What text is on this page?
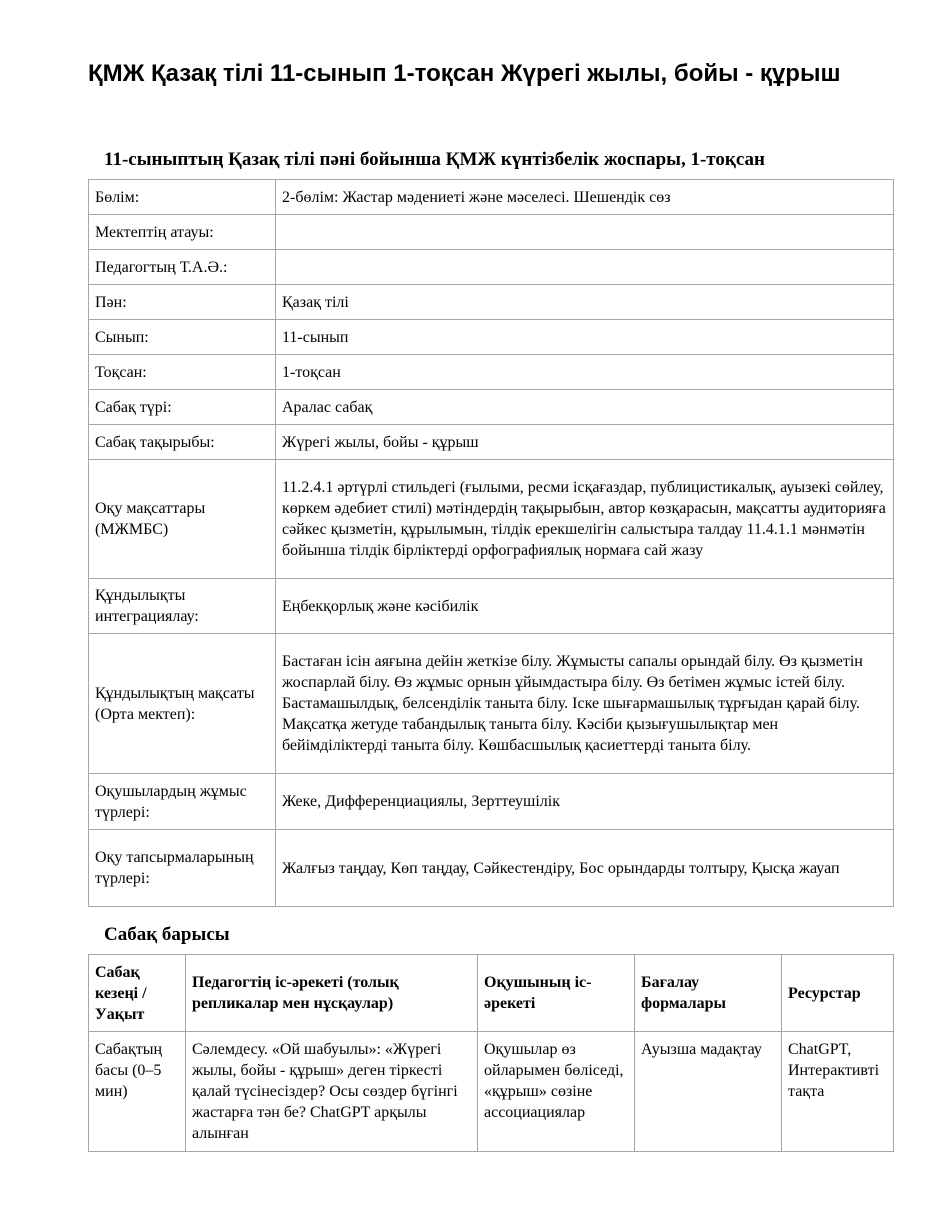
ҚМЖ Қазақ тілі 11-сынып 1-тоқсан Жүрегі жылы, бойы - құрыш
11-сыныптың Қазақ тілі пәні бойынша ҚМЖ күнтізбелік жоспары, 1-тоқсан
Бөлім:	2-бөлім: Жастар мәдениеті және мәселесі. Шешендік сөз
Мектептің атауы:	
Педагогтың Т.А.Ә.:	
Пән:	Қазақ тілі
Сынып:	11-сынып
Тоқсан:	1-тоқсан
Сабақ түрі:	Аралас сабақ
Сабақ тақырыбы:	Жүрегі жылы, бойы - құрыш
Оқу мақсаттары (МЖМБС)	11.2.4.1 әртүрлі стильдегі (ғылыми, ресми ісқағаздар, публицистикалық, ауызекі сөйлеу, көркем әдебиет стилі) мәтіндердің тақырыбын, автор көзқарасын, мақсатты аудиторияға сәйкес қызметін, құрылымын, тілдік ерекшелігін салыстыра талдау 11.4.1.1 мәнмәтін бойынша тілдік бірліктерді орфографиялық нормаға сай жазу
Құндылықты интеграциялау:	Еңбекқорлық және кәсібилік
Құндылықтың мақсаты (Орта мектеп):	Бастаған ісін аяғына дейін жеткізе білу. Жұмысты сапалы орындай білу. Өз қызметін жоспарлай білу. Өз жұмыс орнын ұйымдастыра білу. Өз бетімен жұмыс істей білу. Бастамашылдық, белсенділік таныта білу. Іске шығармашылық тұрғыдан қарай білу. Мақсатқа жетуде табандылық таныта білу. Кәсіби қызығушылықтар мен бейімділіктерді таныта білу. Көшбасшылық қасиеттерді таныта білу.
Оқушылардың жұмыс түрлері:	Жеке, Дифференциациялы, Зерттеушілік
Оқу тапсырмаларының түрлері:	Жалғыз таңдау, Көп таңдау, Сәйкестендіру, Бос орындарды толтыру, Қысқа жауап
Сабақ барысы
Сабақ кезеңі / Уақыт	Педагогтің іс-әрекеті (толық репликалар мен нұсқаулар)	Оқушының іс-әрекеті	Бағалау формалары	Ресурстар
Сабақтың басы (0–5 мин)	Сәлемдесу. «Ой шабуылы»: «Жүрегі жылы, бойы - құрыш» деген тіркесті қалай түсінесіздер? Осы сөздер бүгінгі жастарға тән бе? ChatGPT арқылы алынған	Оқушылар өз ойларымен бөліседі, «құрыш» сөзіне ассоциациялар	Ауызша мадақтау	ChatGPT, Интерактивті тақта
